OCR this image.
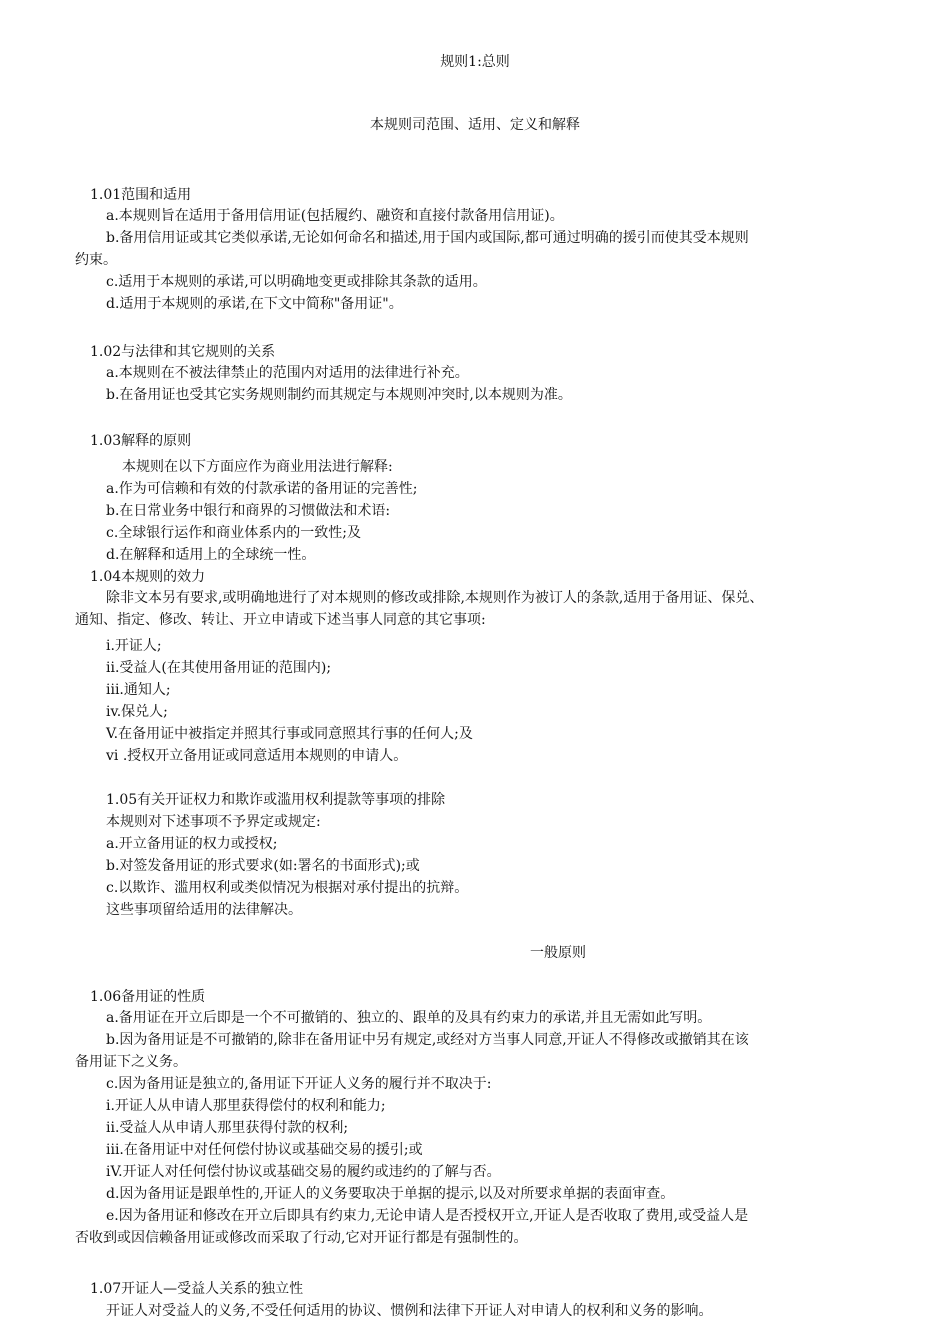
规则1:总则
本规则司范围、适用、定义和解释
1.01范围和适用
a.本规则旨在适用于备用信用证(包括履约、融资和直接付款备用信用证)。
b.备用信用证或其它类似承诺,无论如何命名和描述,用于国内或国际,都可通过明确的援引而使其受本规则
约束。
c.适用于本规则的承诺,可以明确地变更或排除其条款的适用。
d.适用于本规则的承诺,在下文中简称"备用证"。
1.02与法律和其它规则的关系
a.本规则在不被法律禁止的范围内对适用的法律进行补充。
b.在备用证也受其它实务规则制约而其规定与本规则冲突时,以本规则为准。
1.03解释的原则
本规则在以下方面应作为商业用法进行解释:
a.作为可信赖和有效的付款承诺的备用证的完善性;
b.在日常业务中银行和商界的习惯做法和术语:
c.全球银行运作和商业体系内的一致性;及
d.在解释和适用上的全球统一性。
1.04本规则的效力
除非文本另有要求,或明确地进行了对本规则的修改或排除,本规则作为被订人的条款,适用于备用证、保兑、
通知、指定、修改、转让、开立申请或下述当事人同意的其它事项:
i.开证人;
ii.受益人(在其使用备用证的范围内);
iii.通知人;
iv.保兑人;
V.在备用证中被指定并照其行事或同意照其行事的任何人;及
vi .授权开立备用证或同意适用本规则的申请人。
1.05有关开证权力和欺诈或滥用权利提款等事项的排除
本规则对下述事项不予界定或规定:
a.开立备用证的权力或授权;
b.对签发备用证的形式要求(如:署名的书面形式);或
c.以欺诈、滥用权利或类似情况为根据对承付提出的抗辩。
这些事项留给适用的法律解决。
一般原则
1.06备用证的性质
a.备用证在开立后即是一个不可撤销的、独立的、跟单的及具有约束力的承诺,并且无需如此写明。
b.因为备用证是不可撤销的,除非在备用证中另有规定,或经对方当事人同意,开证人不得修改或撤销其在该
备用证下之义务。
c.因为备用证是独立的,备用证下开证人义务的履行并不取决于:
i.开证人从申请人那里获得偿付的权利和能力;
ii.受益人从申请人那里获得付款的权利;
iii.在备用证中对任何偿付协议或基础交易的援引;或
iV.开证人对任何偿付协议或基础交易的履约或违约的了解与否。
d.因为备用证是跟单性的,开证人的义务要取决于单据的提示,以及对所要求单据的表面审查。
e.因为备用证和修改在开立后即具有约束力,无论申请人是否授权开立,开证人是否收取了费用,或受益人是
否收到或因信赖备用证或修改而采取了行动,它对开证行都是有强制性的。
1.07开证人—受益人关系的独立性
开证人对受益人的义务,不受任何适用的协议、惯例和法律下开证人对申请人的权利和义务的影响。
